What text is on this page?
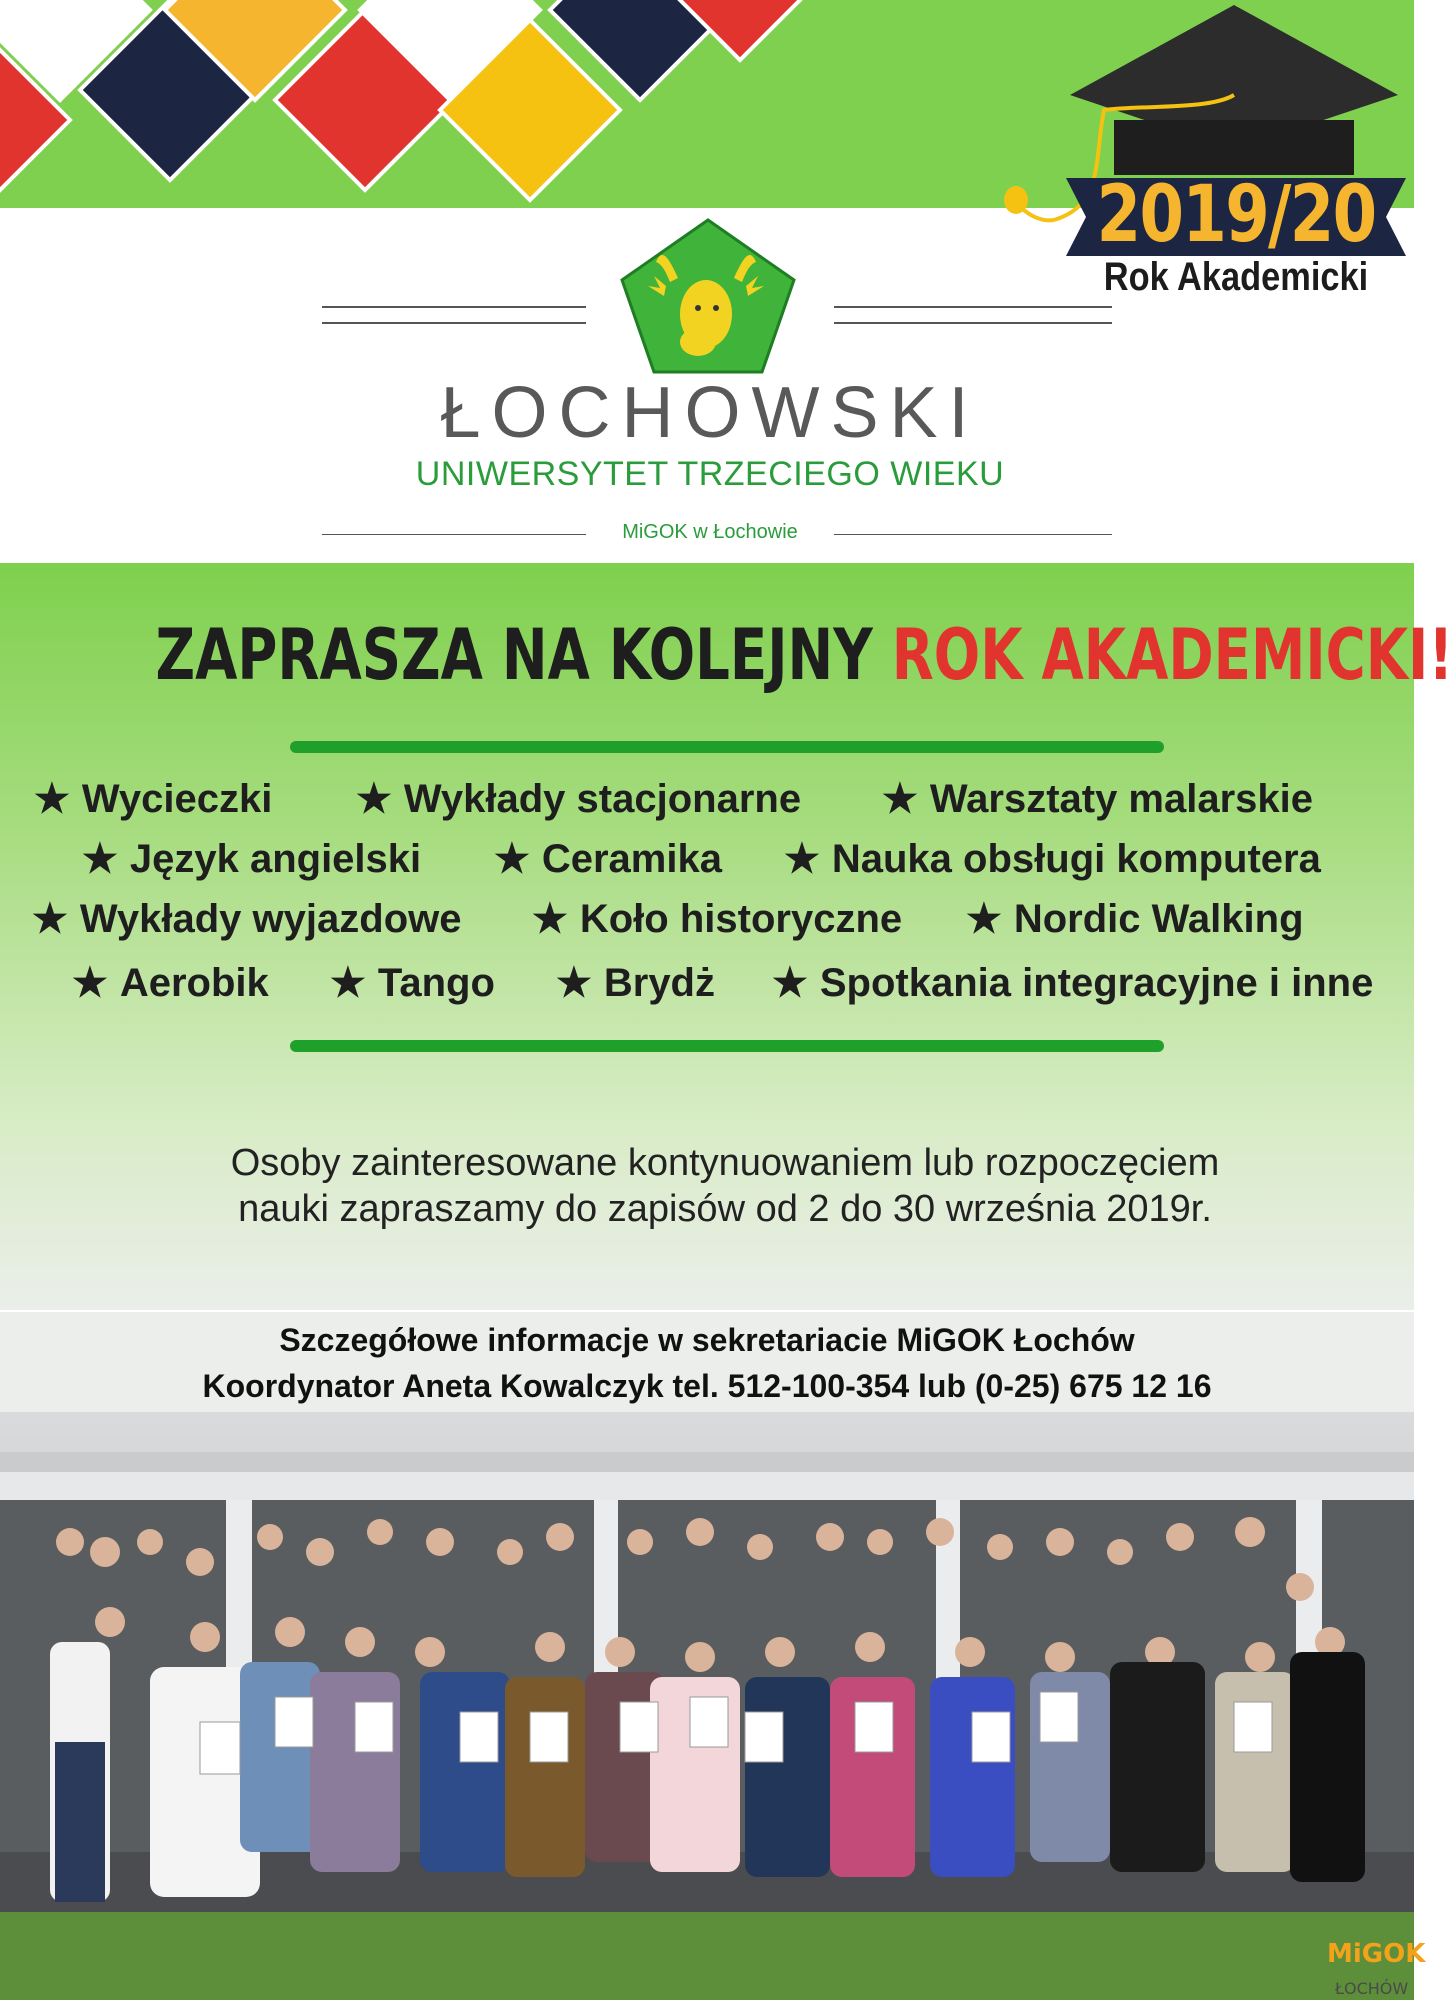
2019/20
Rok Akademicki
ŁOCHOWSKI
UNIWERSYTET TRZECIEGO WIEKU
MiGOK w Łochowie
ZAPRASZA NA KOLEJNY ROK AKADEMICKI!
★ Wycieczki ★ Wykłady stacjonarne ★ Warsztaty malarskie
★ Język angielski ★ Ceramika ★ Nauka obsługi komputera
★ Wykłady wyjazdowe ★ Koło historyczne ★ Nordic Walking
★ Aerobik ★ Tango ★ Brydż ★ Spotkania integracyjne i inne
Osoby zainteresowane kontynuowaniem lub rozpoczęciem
nauki zapraszamy do zapisów od 2 do 30 września 2019r.
Szczegółowe informacje w sekretariacie MiGOK Łochów
Koordynator Aneta Kowalczyk tel. 512-100-354 lub (0-25) 675 12 16
MiGOK
ŁOCHÓW
